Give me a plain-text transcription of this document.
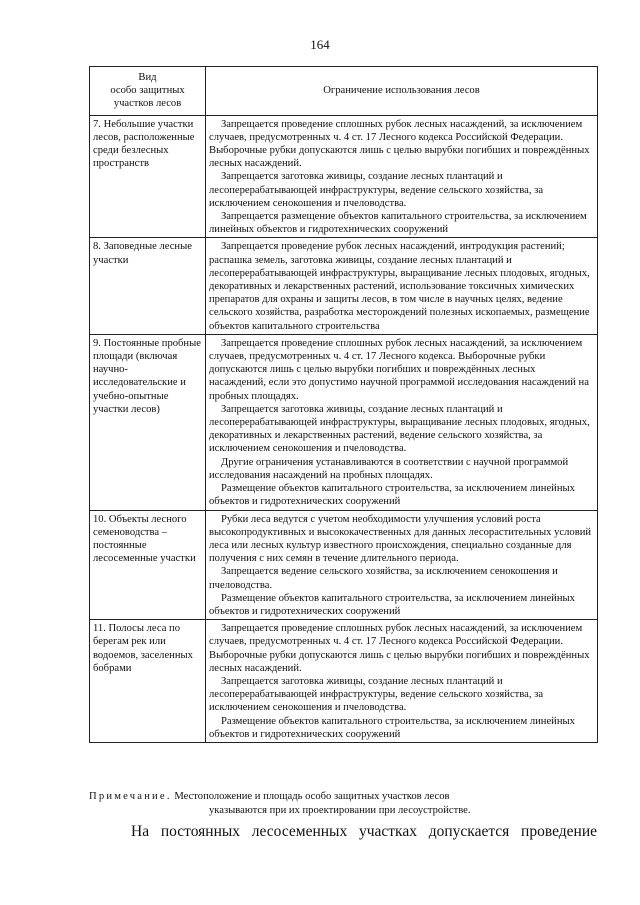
164
Вид
особо защитных
участков лесов	Ограничение использования лесов
7. Небольшие участки лесов, расположенные среди безлесных пространств	Запрещается проведение сплошных рубок лесных насаждений, за исключением случаев, предусмотренных ч. 4 ст. 17 Лесного кодекса Российской Федерации. Выборочные рубки допускаются лишь с целью вырубки погибших и повреждённых лесных насаждений.

Запрещается заготовка живицы, создание лесных плантаций и лесоперерабатывающей инфраструктуры, ведение сельского хозяйства, за исключением сенокошения и пчеловодства.

Запрещается размещение объектов капитального строительства, за исключением линейных объектов и гидротехнических сооружений

8. Заповедные лесные участки	Запрещается проведение рубок лесных насаждений, интродукция растений; распашка земель, заготовка живицы, создание лесных плантаций и лесоперерабатывающей инфраструктуры, выращивание лесных плодовых, ягодных, декоративных и лекарственных растений, использование токсичных химических препаратов для охраны и защиты лесов, в том числе в научных целях, ведение сельского хозяйства, разработка месторождений полезных ископаемых, размещение объектов капитального строительства

9. Постоянные пробные площади (включая научно-исследовательские и учебно-опытные участки лесов)	Запрещается проведение сплошных рубок лесных насаждений, за исключением случаев, предусмотренных ч. 4 ст. 17 Лесного кодекса. Выборочные рубки допускаются лишь с целью вырубки погибших и повреждённых лесных насаждений, если это допустимо научной программой исследования насаждений на пробных площадях.

Запрещается заготовка живицы, создание лесных плантаций и лесоперерабатывающей инфраструктуры, выращивание лесных плодовых, ягодных, декоративных и лекарственных растений, ведение сельского хозяйства, за исключением сенокошения и пчеловодства.

Другие ограничения устанавливаются в соответствии с научной программой исследования насаждений на пробных площадях.

Размещение объектов капитального строительства, за исключением линейных объектов и гидротехнических сооружений

10. Объекты лесного семеноводства – постоянные лесосеменные участки	Рубки леса ведутся с учетом необходимости улучшения условий роста высокопродуктивных и высококачественных для данных лесорастительных условий леса или лесных культур известного происхождения, специально созданные для получения с них семян в течение длительного периода.

Запрещается ведение сельского хозяйства, за исключением сенокошения и пчеловодства.

Размещение объектов капитального строительства, за исключением линейных объектов и гидротехнических сооружений

11. Полосы леса по берегам рек или водоемов, заселенных бобрами	Запрещается проведение сплошных рубок лесных насаждений, за исключением случаев, предусмотренных ч. 4 ст. 17 Лесного кодекса Российской Федерации. Выборочные рубки допускаются лишь с целью вырубки погибших и повреждённых лесных насаждений.

Запрещается заготовка живицы, создание лесных плантаций и лесоперерабатывающей инфраструктуры, ведение сельского хозяйства, за исключением сенокошения и пчеловодства.

Размещение объектов капитального строительства, за исключением линейных объектов и гидротехнических сооружений

Примечание. Местоположение и площадь особо защитных участков лесов
указываются при их проектировании при лесоустройстве.
На постоянных лесосеменных участках допускается проведение
